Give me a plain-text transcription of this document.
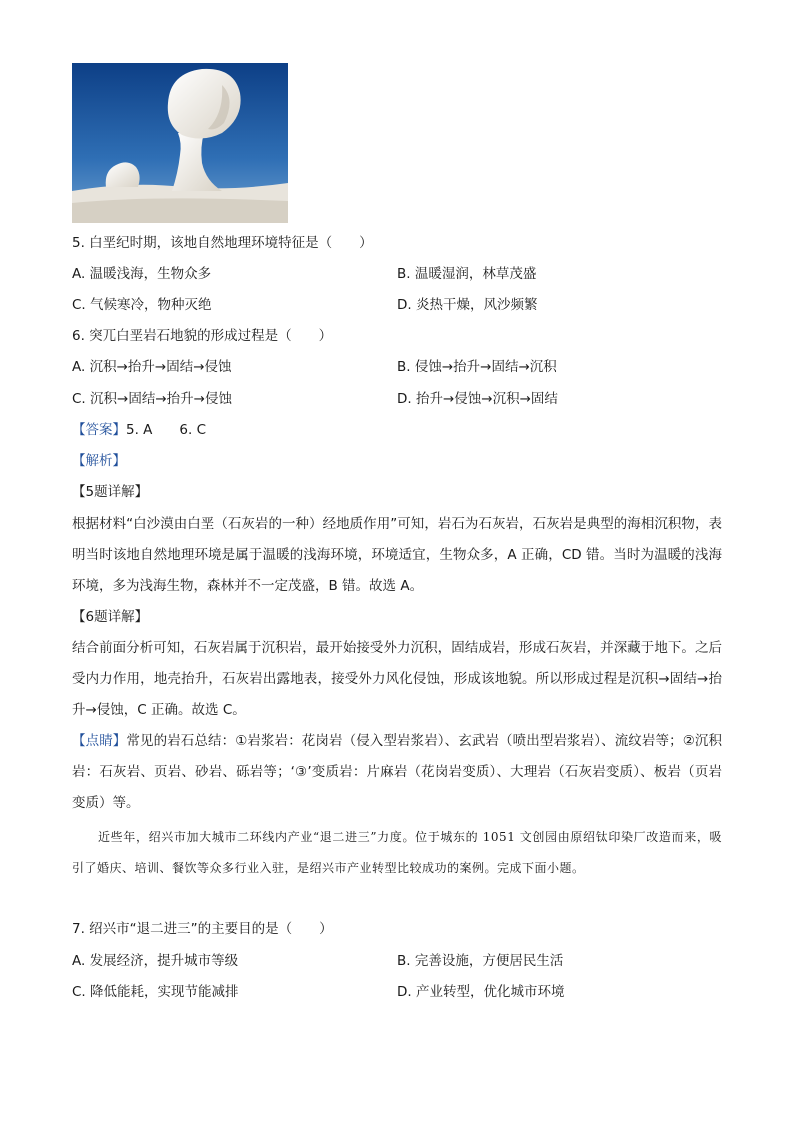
5. 白垩纪时期，该地自然地理环境特征是（　　）
A. 温暖浅海，生物众多	B. 温暖湿润，林草茂盛
C. 气候寒冷，物种灭绝	D. 炎热干燥，风沙频繁
6. 突兀白垩岩石地貌的形成过程是（　　）
A. 沉积→抬升→固结→侵蚀	B. 侵蚀→抬升→固结→沉积
C. 沉积→固结→抬升→侵蚀	D. 抬升→侵蚀→沉积→固结
【答案】5. A　　6. C
【解析】
【5题详解】
根据材料“白沙漠由白垩（石灰岩的一种）经地质作用”可知，岩石为石灰岩，石灰岩是典型的海相沉积物，表明当时该地自然地理环境是属于温暖的浅海环境，环境适宜，生物众多，A 正确，CD 错。当时为温暖的浅海环境，多为浅海生物，森林并不一定茂盛，B 错。故选 A。
【6题详解】
结合前面分析可知，石灰岩属于沉积岩，最开始接受外力沉积，固结成岩，形成石灰岩，并深藏于地下。之后受内力作用，地壳抬升，石灰岩出露地表，接受外力风化侵蚀，形成该地貌。所以形成过程是沉积→固结→抬升→侵蚀，C 正确。故选 C。
【点睛】常见的岩石总结：①岩浆岩：花岗岩（侵入型岩浆岩）、玄武岩（喷出型岩浆岩）、流纹岩等；②沉积岩：石灰岩、页岩、砂岩、砾岩等；‘③’变质岩：片麻岩（花岗岩变质）、大理岩（石灰岩变质）、板岩（页岩变质）等。
近些年，绍兴市加大城市二环线内产业“退二进三”力度。位于城东的 1051 文创园由原绍钛印染厂改造而来，吸引了婚庆、培训、餐饮等众多行业入驻，是绍兴市产业转型比较成功的案例。完成下面小题。
7. 绍兴市“退二进三”的主要目的是（　　）
A. 发展经济，提升城市等级	B. 完善设施，方便居民生活
C. 降低能耗，实现节能减排	D. 产业转型，优化城市环境
